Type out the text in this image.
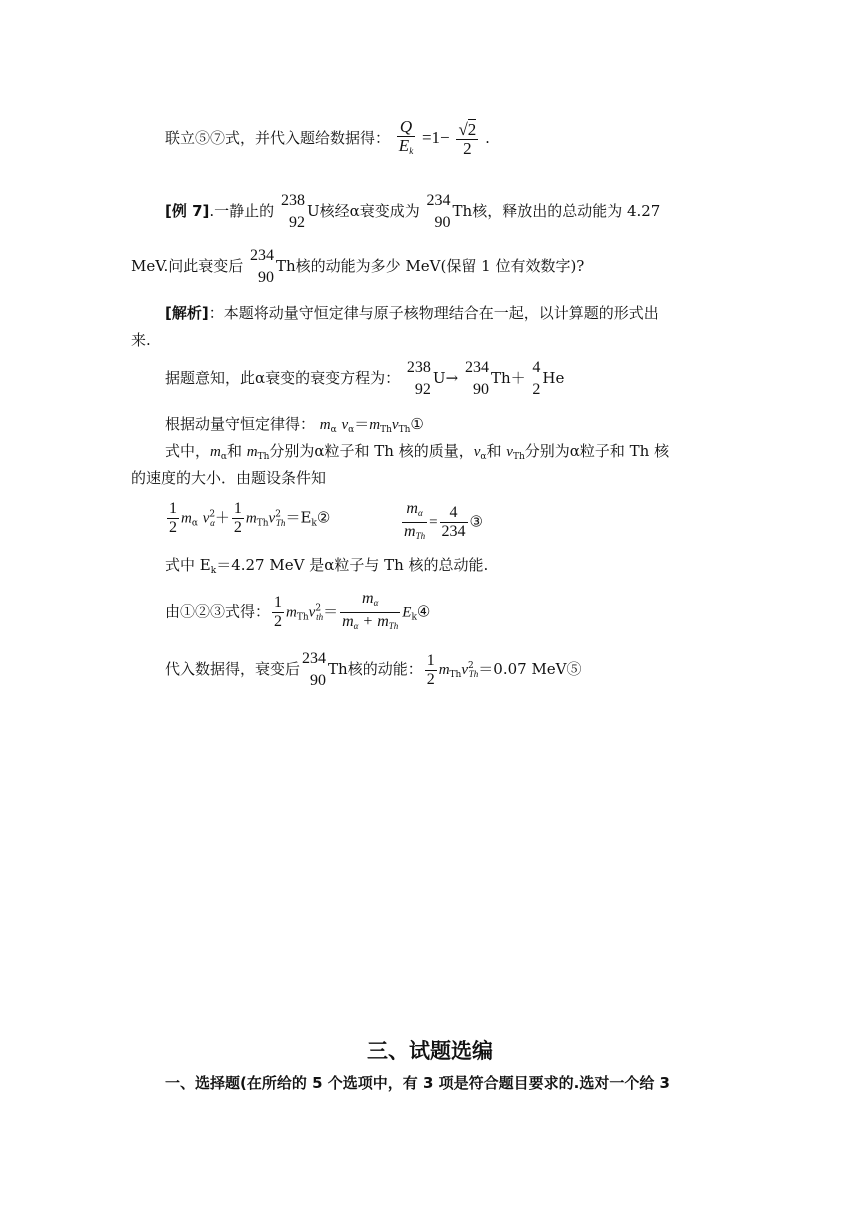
联立⑤⑦式，并代入题给数据得： $\frac{Q}{E_k} =1- \frac{√2}{2}$ .
[例 7].一静止的
238
92
U核经α衰变成为
234
90
Th核，释放出的总动能为 4.27
MeV.问此衰变后
234
90
Th核的动能为多少 MeV(保留 1 位有效数字)?
[解析]：本题将动量守恒定律与原子核物理结合在一起，以计算题的形式出
来.
据题意知，此α衰变的衰变方程为：
238
92
U→
234
90
Th＋
4
2
He
根据动量守恒定律得： $m_\alpha$ $v_\alpha=m_{Th}v_{Th}①$
式中，$m_\alpha$和 $m_{Th}$分别为α粒子和 Th 核的质量，$v_\alpha$和 $v_{Th}$分别为α粒子和 Th 核
的速度的大小．由题设条件知
$\frac{1}{2} m_\alpha$ $v^2_\alpha+ \frac{1}{2}$ $m_{Th}v^2_{Th}=E_k②$	$\frac{m_\alpha}{m_{Th}} = \frac{4}{234}$ ③
式中 $E_k=4.27$ MeV 是α粒子与 Th 核的总动能.
由①②③式得： $\frac{1}{2} m_{Th}v^2_{th}= \frac{m_\alpha}{m_\alpha + m_{Th}}$ $E_k④$
代入数据得，衰变后
234
90
Th核的动能： $\frac{1}{2} m_{Th}v^2_{Th}=0.07$ MeV⑤
三、试题选编
一、选择题(在所给的 5 个选项中，有 3 项是符合题目要求的.选对一个给 3
